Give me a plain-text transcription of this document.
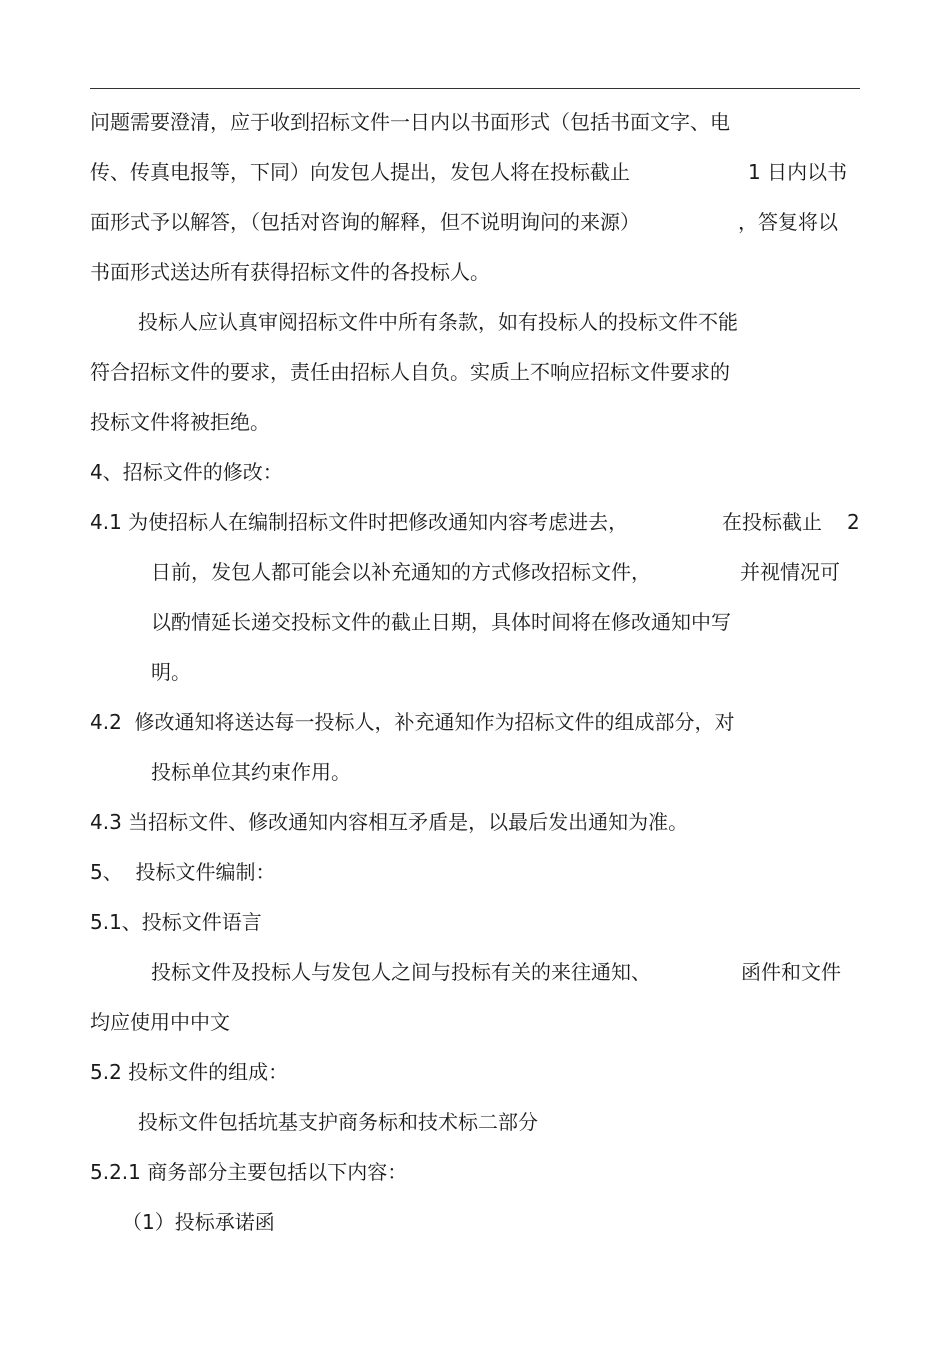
问题需要澄清，应于收到招标文件一日内以书面形式（包括书面文字、电
传、传真电报等，下同）向发包人提出，发包人将在投标截止	1 日内以书
面形式予以解答，（包括对咨询的解释，但不说明询问的来源）	，答复将以
书面形式送达所有获得招标文件的各投标人。
投标人应认真审阅招标文件中所有条款，如有投标人的投标文件不能
符合招标文件的要求，责任由招标人自负。实质上不响应招标文件要求的
投标文件将被拒绝。
4、招标文件的修改：
4.1 为使招标人在编制招标文件时把修改通知内容考虑进去，	在投标截止 2
日前，发包人都可能会以补充通知的方式修改招标文件，	并视情况可
以酌情延长递交投标文件的截止日期，具体时间将在修改通知中写
明。
4.2  修改通知将送达每一投标人，补充通知作为招标文件的组成部分，对
投标单位其约束作用。
4.3 当招标文件、修改通知内容相互矛盾是，以最后发出通知为准。
5、  投标文件编制：
5.1、投标文件语言
投标文件及投标人与发包人之间与投标有关的来往通知、	函件和文件
均应使用中中文
5.2 投标文件的组成：
投标文件包括坑基支护商务标和技术标二部分
5.2.1 商务部分主要包括以下内容：
（1）投标承诺函
